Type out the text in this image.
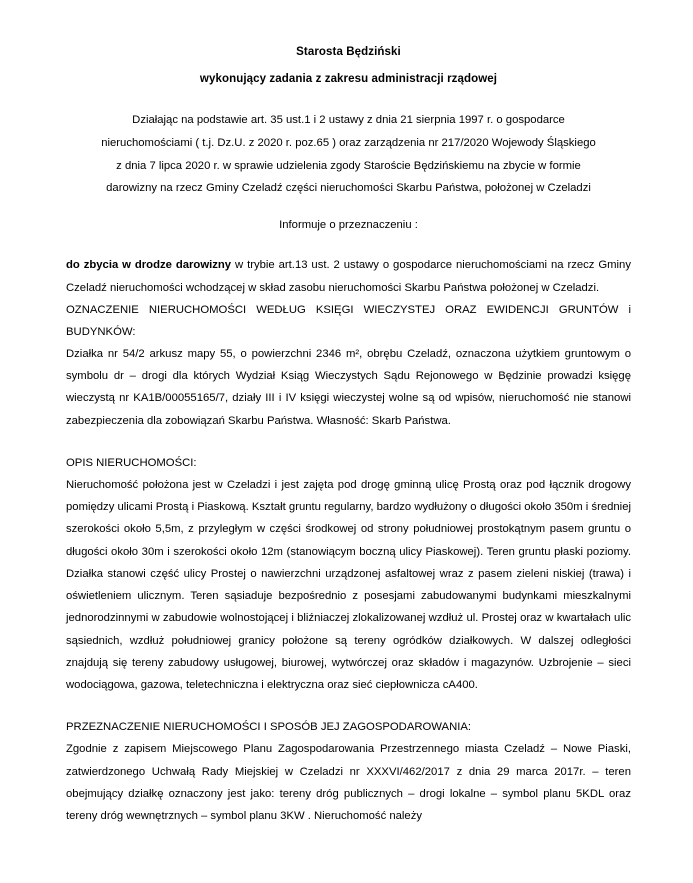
Starosta Będziński
wykonujący zadania z zakresu administracji rządowej
Działając na podstawie art. 35 ust.1 i 2 ustawy z dnia 21 sierpnia 1997 r. o gospodarce
nieruchomościami ( t.j. Dz.U. z 2020 r. poz.65 ) oraz zarządzenia nr 217/2020 Wojewody Śląskiego
z dnia 7 lipca 2020 r. w sprawie udzielenia zgody Staroście Będzińskiemu na zbycie w formie
darowizny na rzecz Gminy Czeladź części nieruchomości Skarbu Państwa, położonej w Czeladzi
Informuje o przeznaczeniu :
do zbycia w drodze darowizny w trybie art.13 ust. 2 ustawy o gospodarce nieruchomościami na rzecz Gminy Czeladź nieruchomości wchodzącej w skład zasobu nieruchomości Skarbu Państwa położonej w Czeladzi.
OZNACZENIE NIERUCHOMOŚCI WEDŁUG KSIĘGI WIECZYSTEJ ORAZ EWIDENCJI GRUNTÓW i BUDYNKÓW:
Działka nr 54/2 arkusz mapy 55, o powierzchni 2346 m², obrębu Czeladź, oznaczona użytkiem gruntowym o symbolu dr – drogi dla których Wydział Ksiąg Wieczystych Sądu Rejonowego w Będzinie prowadzi księgę wieczystą nr KA1B/00055165/7, działy III i IV księgi wieczystej wolne są od wpisów, nieruchomość nie stanowi zabezpieczenia dla zobowiązań Skarbu Państwa. Własność: Skarb Państwa.
OPIS NIERUCHOMOŚCI:
Nieruchomość położona jest w Czeladzi i jest zajęta pod drogę gminną ulicę Prostą oraz pod łącznik drogowy pomiędzy ulicami Prostą i Piaskową. Kształt gruntu regularny, bardzo wydłużony o długości około 350m i średniej szerokości około 5,5m, z przyległym w części środkowej od strony południowej prostokątnym pasem gruntu o długości około 30m i szerokości około 12m (stanowiącym boczną ulicy Piaskowej). Teren gruntu płaski poziomy. Działka stanowi część ulicy Prostej o nawierzchni urządzonej asfaltowej wraz z pasem zieleni niskiej (trawa) i oświetleniem ulicznym. Teren sąsiaduje bezpośrednio z posesjami zabudowanymi budynkami mieszkalnymi jednorodzinnymi w zabudowie wolnostojącej i bliźniaczej zlokalizowanej wzdłuż ul. Prostej oraz w kwartałach ulic sąsiednich, wzdłuż południowej granicy położone są tereny ogródków działkowych. W dalszej odległości znajdują się tereny zabudowy usługowej, biurowej, wytwórczej oraz składów i magazynów. Uzbrojenie – sieci wodociągowa, gazowa, teletechniczna i elektryczna oraz sieć ciepłownicza cA400.
PRZEZNACZENIE NIERUCHOMOŚCI I SPOSÓB JEJ ZAGOSPODAROWANIA:
Zgodnie z zapisem Miejscowego Planu Zagospodarowania Przestrzennego miasta Czeladź – Nowe Piaski, zatwierdzonego Uchwałą Rady Miejskiej w Czeladzi nr XXXVI/462/2017 z dnia 29 marca 2017r. – teren obejmujący działkę oznaczony jest jako: tereny dróg publicznych – drogi lokalne – symbol planu 5KDL oraz tereny dróg wewnętrznych – symbol planu 3KW . Nieruchomość należy
